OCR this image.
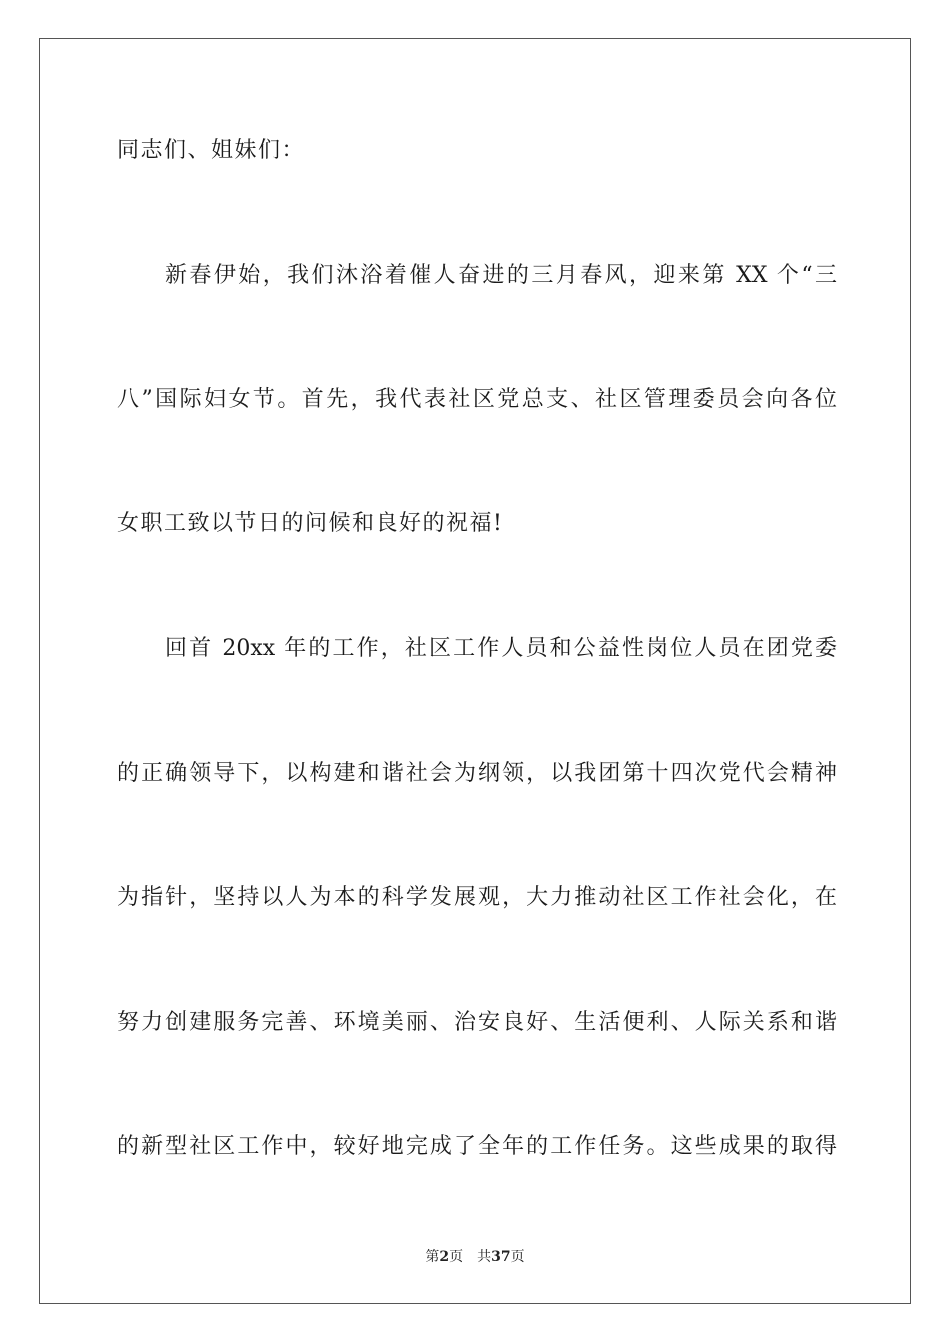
同志们、姐妹们：
新春伊始，我们沐浴着催人奋进的三月春风，迎来第 XX 个“三
八”国际妇女节。首先，我代表社区党总支、社区管理委员会向各位
女职工致以节日的问候和良好的祝福!
回首 20xx 年的工作，社区工作人员和公益性岗位人员在团党委
的正确领导下，以构建和谐社会为纲领，以我团第十四次党代会精神
为指针，坚持以人为本的科学发展观，大力推动社区工作社会化，在
努力创建服务完善、环境美丽、治安良好、生活便利、人际关系和谐
的新型社区工作中，较好地完成了全年的工作任务。这些成果的取得
第2页 共37页
